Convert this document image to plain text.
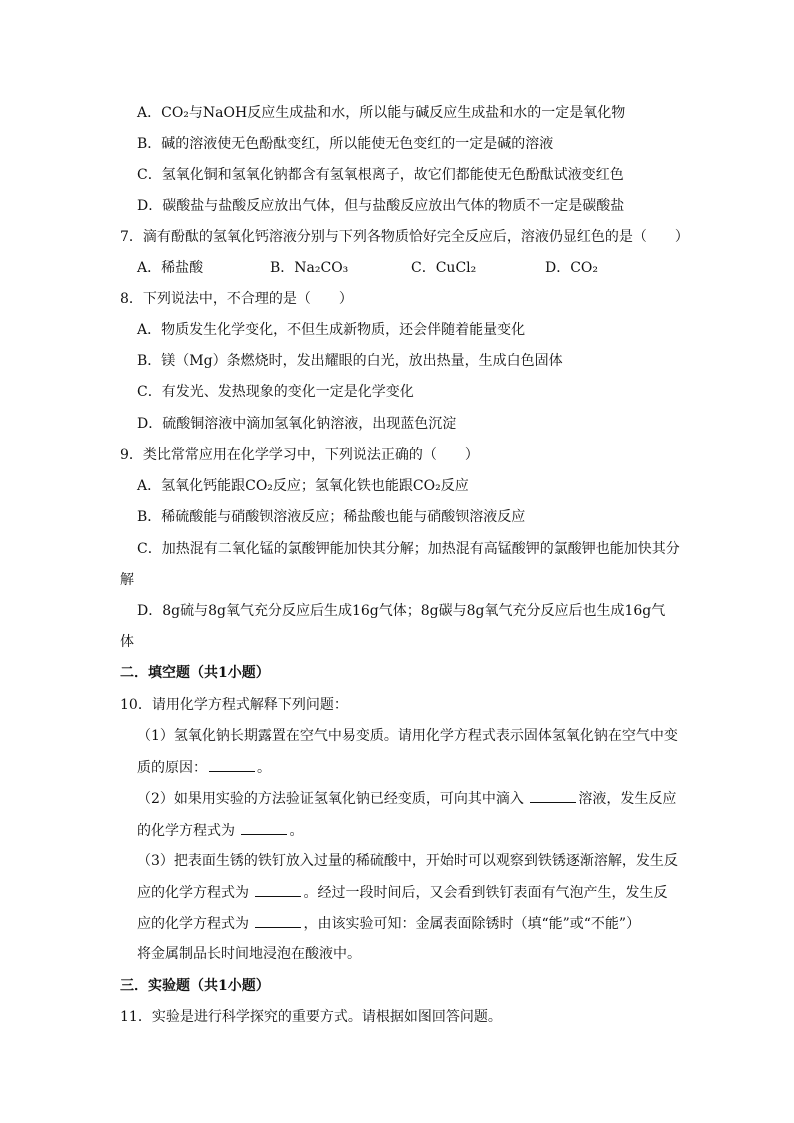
A．CO₂与NaOH反应生成盐和水，所以能与碱反应生成盐和水的一定是氧化物
B．碱的溶液使无色酚酞变红，所以能使无色变红的一定是碱的溶液
C．氢氧化铜和氢氧化钠都含有氢氧根离子，故它们都能使无色酚酞试液变红色
D．碳酸盐与盐酸反应放出气体，但与盐酸反应放出气体的物质不一定是碳酸盐
7．滴有酚酞的氢氧化钙溶液分别与下列各物质恰好完全反应后，溶液仍显红色的是（　　）
A．稀盐酸	B．Na₂CO₃	C．CuCl₂	D．CO₂
8．下列说法中，不合理的是（　　）
A．物质发生化学变化，不但生成新物质，还会伴随着能量变化
B．镁（Mg）条燃烧时，发出耀眼的白光，放出热量，生成白色固体
C．有发光、发热现象的变化一定是化学变化
D．硫酸铜溶液中滴加氢氧化钠溶液，出现蓝色沉淀
9．类比常常应用在化学学习中，下列说法正确的（　　）
A．氢氧化钙能跟CO₂反应；氢氧化铁也能跟CO₂反应
B．稀硫酸能与硝酸钡溶液反应；稀盐酸也能与硝酸钡溶液反应
C．加热混有二氧化锰的氯酸钾能加快其分解；加热混有高锰酸钾的氯酸钾也能加快其分
解
D．8g硫与8g氧气充分反应后生成16g气体；8g碳与8g氧气充分反应后也生成16g气
体
二．填空题（共1小题）
10．请用化学方程式解释下列问题：
（1）氢氧化钠长期露置在空气中易变质。请用化学方程式表示固体氢氧化钠在空气中变
质的原因：	。
（2）如果用实验的方法验证氢氧化钠已经变质，可向其中滴入	溶液，发生反应
的化学方程式为	。
（3）把表面生锈的铁钉放入过量的稀硫酸中，开始时可以观察到铁锈逐渐溶解，发生反
应的化学方程式为	。经过一段时间后，又会看到铁钉表面有气泡产生，发生反
应的化学方程式为	，由该实验可知：金属表面除锈时（填“能”或“不能”）
将金属制品长时间地浸泡在酸液中。
三．实验题（共1小题）
11．实验是进行科学探究的重要方式。请根据如图回答问题。
